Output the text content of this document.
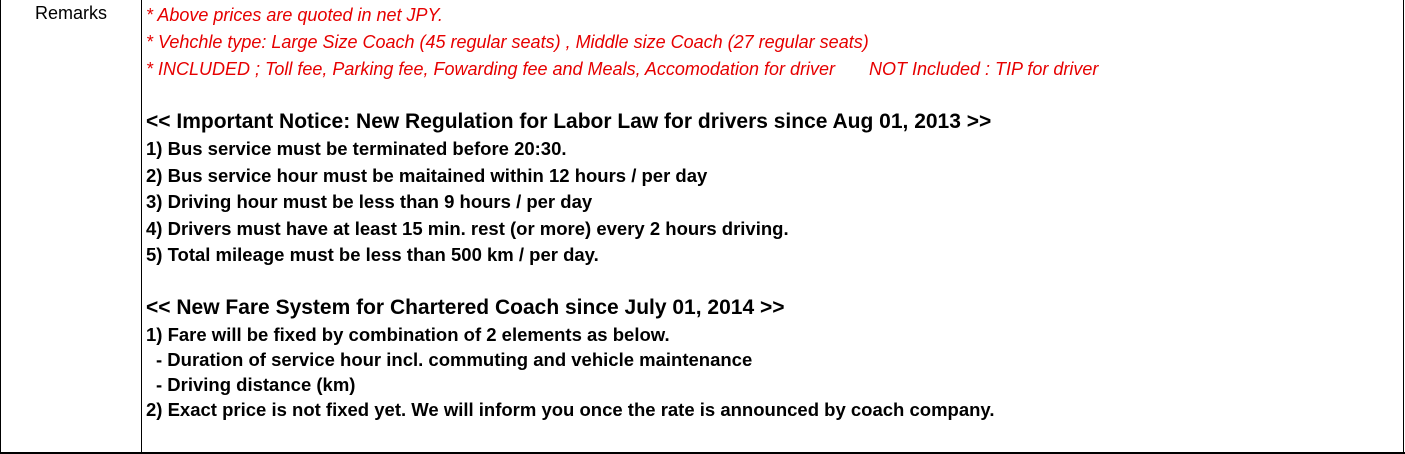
Remarks	* Above prices are quoted in net JPY.
* Vehchle type: Large Size Coach (45 regular seats) , Middle size Coach (27 regular seats)
* INCLUDED ; Toll fee, Parking fee, Fowarding fee and Meals, Accomodation for driver NOT Included : TIP for driver
<< Important Notice: New Regulation for Labor Law for drivers since Aug 01, 2013 >>
1) Bus service must be terminated before 20:30.
2) Bus service hour must be maitained within 12 hours / per day
3) Driving hour must be less than 9 hours / per day
4) Drivers must have at least 15 min. rest (or more) every 2 hours driving.
5) Total mileage must be less than 500 km / per day.
<< New Fare System for Chartered Coach since July 01, 2014 >>
1) Fare will be fixed by combination of 2 elements as below.
- Duration of service hour incl. commuting and vehicle maintenance
- Driving distance (km)
2) Exact price is not fixed yet. We will inform you once the rate is announced by coach company.
